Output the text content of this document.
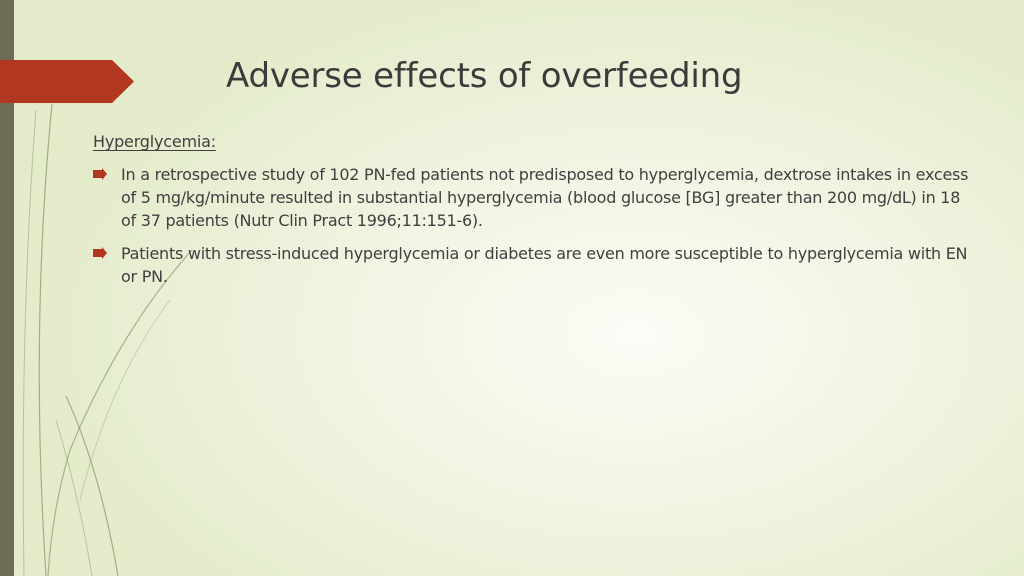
Adverse effects of overfeeding

Hyperglycemia:

In a retrospective study of 102 PN-fed patients not predisposed to hyperglycemia, dextrose intakes in excess of 5 mg/kg/minute resulted in substantial hyperglycemia (blood glucose [BG] greater than 200 mg/dL) in 18 of 37 patients (Nutr Clin Pract 1996;11:151-6).
Patients with stress-induced hyperglycemia or diabetes are even more susceptible to hyperglycemia with EN or PN.
